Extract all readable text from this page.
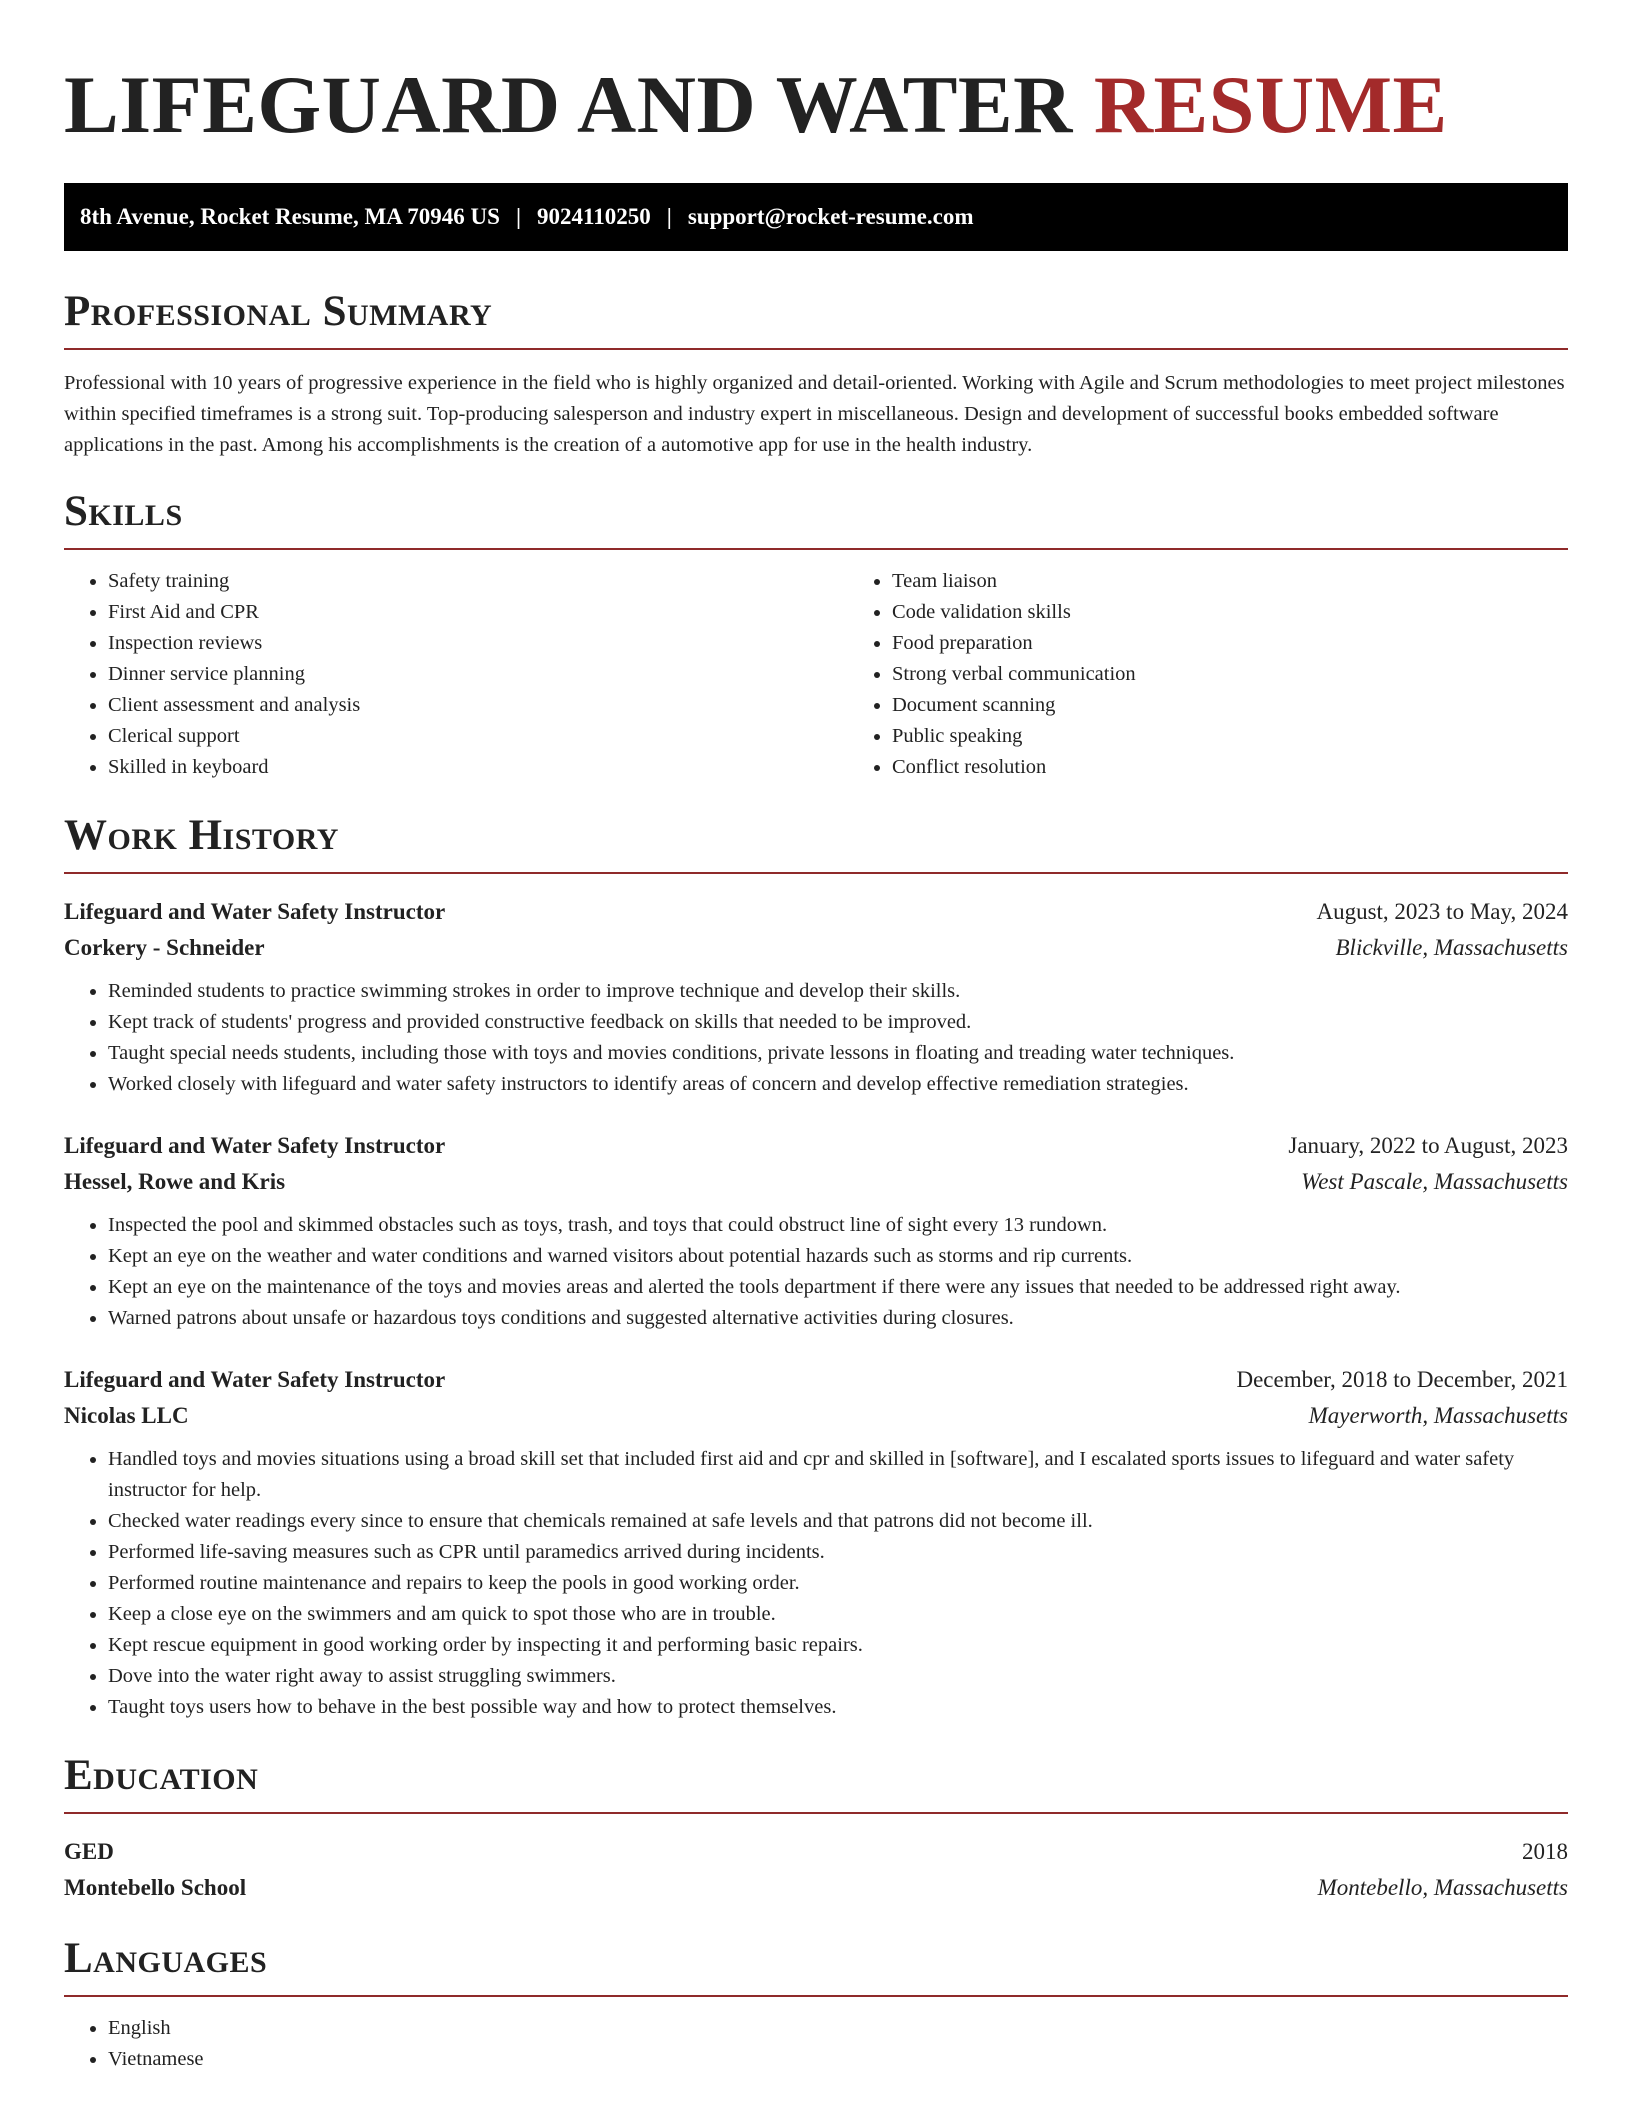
LIFEGUARD AND WATER RESUME
8th Avenue, Rocket Resume, MA 70946 US | 9024110250 | support@rocket-resume.com
Professional Summary

Professional with 10 years of progressive experience in the field who is highly organized and detail-oriented. Working with Agile and Scrum methodologies to meet project milestones within specified timeframes is a strong suit. Top-producing salesperson and industry expert in miscellaneous. Design and development of successful books embedded software applications in the past. Among his accomplishments is the creation of a automotive app for use in the health industry.

Skills
• Safety training
• First Aid and CPR
• Inspection reviews
• Dinner service planning
• Client assessment and analysis
• Clerical support
• Skilled in keyboard
• Team liaison
• Code validation skills
• Food preparation
• Strong verbal communication
• Document scanning
• Public speaking
• Conflict resolution
Work History
Lifeguard and Water Safety Instructor	August, 2023 to May, 2024
Corkery - Schneider	Blickville, Massachusetts
• Reminded students to practice swimming strokes in order to improve technique and develop their skills.
• Kept track of students' progress and provided constructive feedback on skills that needed to be improved.
• Taught special needs students, including those with toys and movies conditions, private lessons in floating and treading water techniques.
• Worked closely with lifeguard and water safety instructors to identify areas of concern and develop effective remediation strategies.
Lifeguard and Water Safety Instructor	January, 2022 to August, 2023
Hessel, Rowe and Kris	West Pascale, Massachusetts
• Inspected the pool and skimmed obstacles such as toys, trash, and toys that could obstruct line of sight every 13 rundown.
• Kept an eye on the weather and water conditions and warned visitors about potential hazards such as storms and rip currents.
• Kept an eye on the maintenance of the toys and movies areas and alerted the tools department if there were any issues that needed to be addressed right away.
• Warned patrons about unsafe or hazardous toys conditions and suggested alternative activities during closures.
Lifeguard and Water Safety Instructor	December, 2018 to December, 2021
Nicolas LLC	Mayerworth, Massachusetts
• Handled toys and movies situations using a broad skill set that included first aid and cpr and skilled in [software], and I escalated sports issues to lifeguard and water safety instructor for help.
• Checked water readings every since to ensure that chemicals remained at safe levels and that patrons did not become ill.
• Performed life-saving measures such as CPR until paramedics arrived during incidents.
• Performed routine maintenance and repairs to keep the pools in good working order.
• Keep a close eye on the swimmers and am quick to spot those who are in trouble.
• Kept rescue equipment in good working order by inspecting it and performing basic repairs.
• Dove into the water right away to assist struggling swimmers.
• Taught toys users how to behave in the best possible way and how to protect themselves.
Education
GED	2018
Montebello School	Montebello, Massachusetts
Languages
• English
• Vietnamese
